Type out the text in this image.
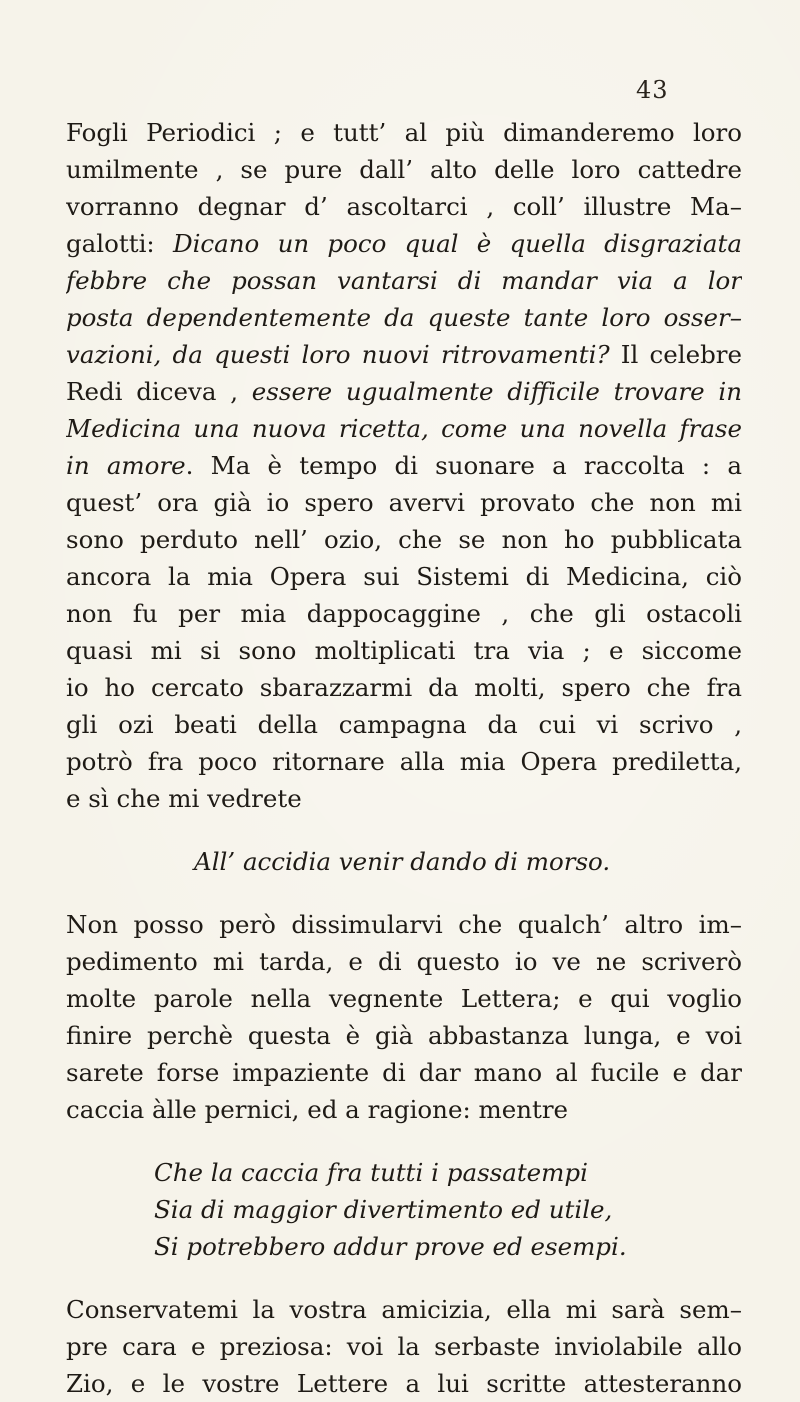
43
Fogli Periodici ; e tutt’ al più dimanderemo loro
umilmente , se pure dall’ alto delle loro cattedre
vorranno degnar d’ ascoltarci , coll’ illustre Ma–
galotti: Dicano un poco qual è quella disgraziata
febbre che possan vantarsi di mandar via a lor
posta dependentemente da queste tante loro osser–
vazioni, da questi loro nuovi ritrovamenti? Il celebre
Redi diceva , essere ugualmente difficile trovare in
Medicina una nuova ricetta, come una novella frase
in amore. Ma è tempo di suonare a raccolta : a
quest’ ora già io spero avervi provato che non mi
sono perduto nell’ ozio, che se non ho pubblicata
ancora la mia Opera sui Sistemi di Medicina, ciò
non fu per mia dappocaggine , che gli ostacoli
quasi mi si sono moltiplicati tra via ; e siccome
io ho cercato sbarazzarmi da molti, spero che fra
gli ozi beati della campagna da cui vi scrivo ,
potrò fra poco ritornare alla mia Opera prediletta,
e sì che mi vedrete
All’ accidia venir dando di morso.
Non posso però dissimularvi che qualch’ altro im–
pedimento mi tarda, e di questo io ve ne scriverò
molte parole nella vegnente Lettera; e qui voglio
finire perchè questa è già abbastanza lunga, e voi
sarete forse impaziente di dar mano al fucile e dar
caccia àlle pernici, ed a ragione: mentre
Che la caccia fra tutti i passatempi
Sia di maggior divertimento ed utile,
Si potrebbero addur prove ed esempi.
Conservatemi la vostra amicizia, ella mi sarà sem–
pre cara e preziosa: voi la serbaste inviolabile allo
Zio, e le vostre Lettere a lui scritte attesteranno
